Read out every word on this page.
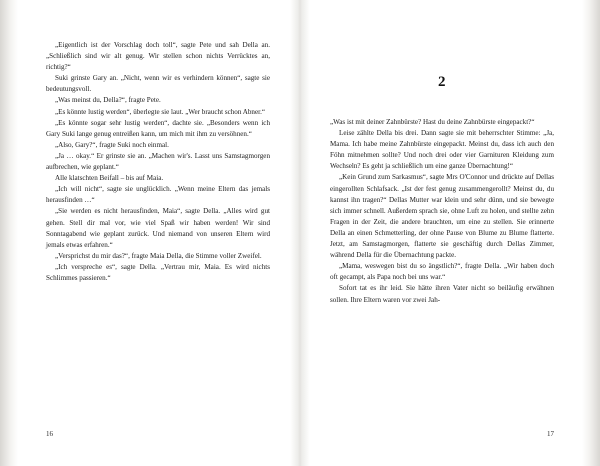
„Eigentlich ist der Vorschlag doch toll“, sagte Pete und sah Della an. „Schließlich sind wir alt genug. Wir stellen schon nichts Verrücktes an, richtig?“

Suki grinste Gary an. „Nicht, wenn wir es verhindern können“, sagte sie bedeutungsvoll.

„Was meinst du, Della?“, fragte Pete.

„Es könnte lustig werden“, überlegte sie laut. „Wer braucht schon Abner.“

„Es könnte sogar sehr lustig werden“, dachte sie. „Besonders wenn ich Gary Suki lange genug entreißen kann, um mich mit ihm zu versöhnen.“

„Also, Gary?“, fragte Suki noch einmal.

„Ja … okay.“ Er grinste sie an. „Machen wir's. Lasst uns Samstagmorgen aufbrechen, wie geplant.“

Alle klatschten Beifall – bis auf Maia.

„Ich will nicht“, sagte sie unglücklich. „Wenn meine Eltern das jemals herausfinden …“

„Sie werden es nicht herausfinden, Maia“, sagte Della. „Alles wird gut gehen. Stell dir mal vor, wie viel Spaß wir haben werden! Wir sind Sonntagabend wie geplant zurück. Und niemand von unseren Eltern wird jemals etwas erfahren.“

„Versprichst du mir das?“, fragte Maia Della, die Stimme voller Zweifel.

„Ich verspreche es“, sagte Della. „Vertrau mir, Maia. Es wird nichts Schlimmes passieren.“

16
2

„Was ist mit deiner Zahnbürste? Hast du deine Zahnbürste eingepackt?“

Leise zählte Della bis drei. Dann sagte sie mit beherrschter Stimme: „Ja, Mama. Ich habe meine Zahnbürste eingepackt. Meinst du, dass ich auch den Föhn mitnehmen sollte? Und noch drei oder vier Garnituren Kleidung zum Wechseln? Es geht ja schließlich um eine ganze Übernachtung!“

„Kein Grund zum Sarkasmus“, sagte Mrs O'Connor und drückte auf Dellas eingerollten Schlafsack. „Ist der fest genug zusammengerollt? Meinst du, du kannst ihn tragen?“ Dellas Mutter war klein und sehr dünn, und sie bewegte sich immer schnell. Außerdem sprach sie, ohne Luft zu holen, und stellte zehn Fragen in der Zeit, die andere brauchten, um eine zu stellen. Sie erinnerte Della an einen Schmetterling, der ohne Pause von Blume zu Blume flatterte. Jetzt, am Samstagmorgen, flatterte sie geschäftig durch Dellas Zimmer, während Della für die Übernachtung packte.

„Mama, weswegen bist du so ängstlich?“, fragte Della. „Wir haben doch oft gecampt, als Papa noch bei uns war.“

Sofort tat es ihr leid. Sie hätte ihren Vater nicht so beiläufig erwähnen sollen. Ihre Eltern waren vor zwei Jah-

17
